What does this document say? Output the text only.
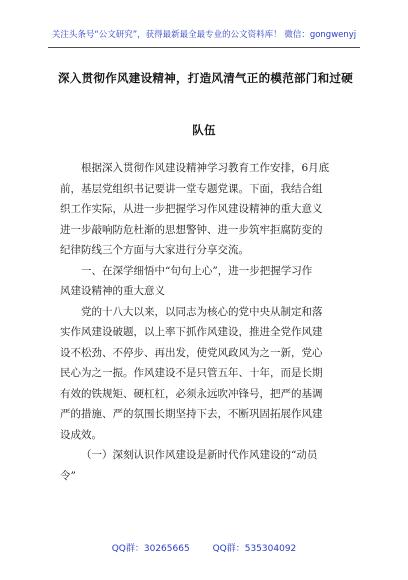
关注头条号“公文研究”，获得最新最全最专业的公文资料库！ 微信：gongwenyj
深入贯彻作风建设精神，打造风清气正的模范部门和过硬
队伍
根据深入贯彻作风建设精神学习教育工作安排，6月底
前，基层党组织书记要讲一堂专题党课。下面，我结合组
织工作实际，从进一步把握学习作风建设精神的重大意义
进一步敲响防危杜渐的思想警钟、进一步筑牢拒腐防变的
纪律防线三个方面与大家进行分享交流。
一、在深学细悟中“句句上心”，进一步把握学习作
风建设精神的重大意义
党的十八大以来，以同志为核心的党中央从制定和落
实作风建设破题，以上率下抓作风建设，推进全党作风建
设不松劲、不停步、再出发，使党风政风为之一新，党心
民心为之一振。作风建设不是只管五年、十年，而是长期
有效的铁规矩、硬杠杠，必须永远吹冲锋号，把严的基调
严的措施、严的氛围长期坚持下去，不断巩固拓展作风建
设成效。
（一）深刻认识作风建设是新时代作风建设的“动员
令”
QQ群：30265665        QQ群：535304092
